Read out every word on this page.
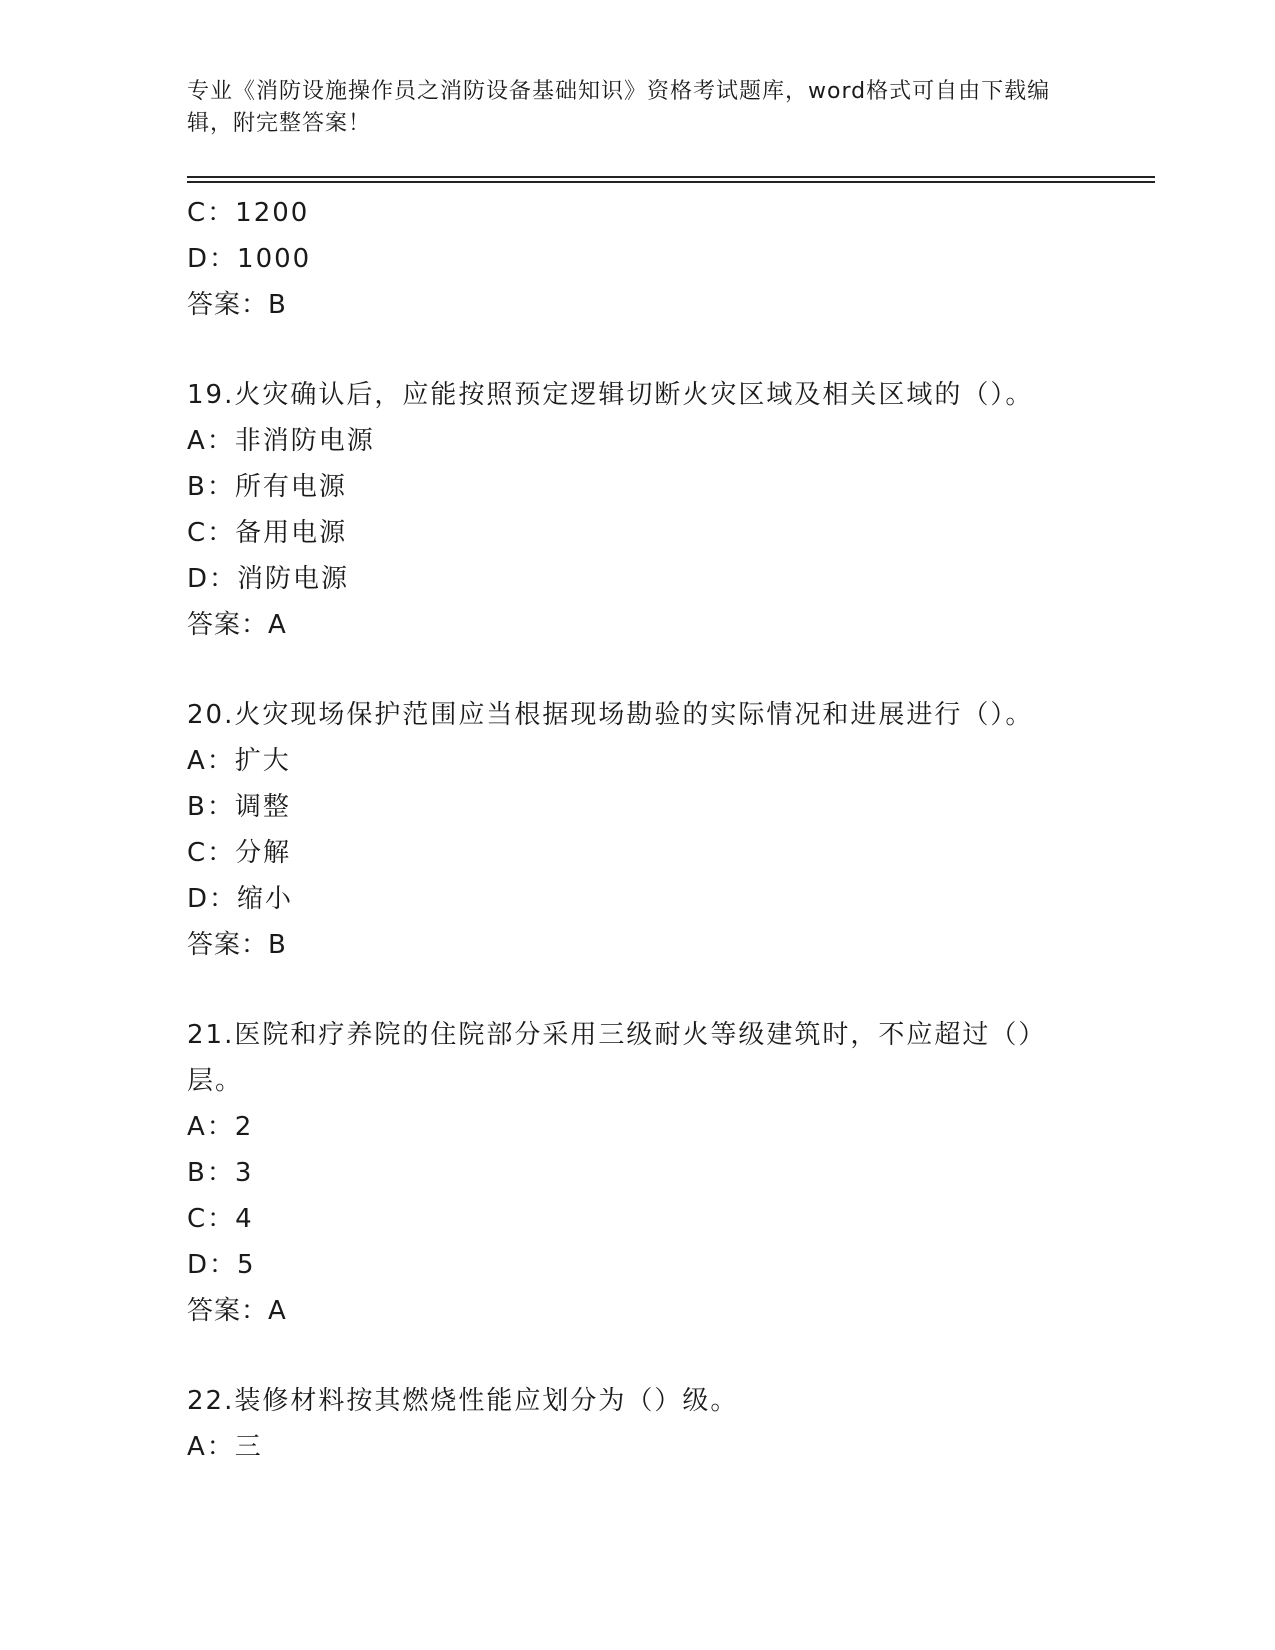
专业《消防设施操作员之消防设备基础知识》资格考试题库，word格式可自由下载编辑，附完整答案！
C：1200
D：1000
答案：B
19.火灾确认后，应能按照预定逻辑切断火灾区域及相关区域的（）。
A：非消防电源
B：所有电源
C：备用电源
D：消防电源
答案：A
20.火灾现场保护范围应当根据现场勘验的实际情况和进展进行（）。
A：扩大
B：调整
C：分解
D：缩小
答案：B
21.医院和疗养院的住院部分采用三级耐火等级建筑时，不应超过（）层。
A：2
B：3
C：4
D：5
答案：A
22.装修材料按其燃烧性能应划分为（）级。
A：三
